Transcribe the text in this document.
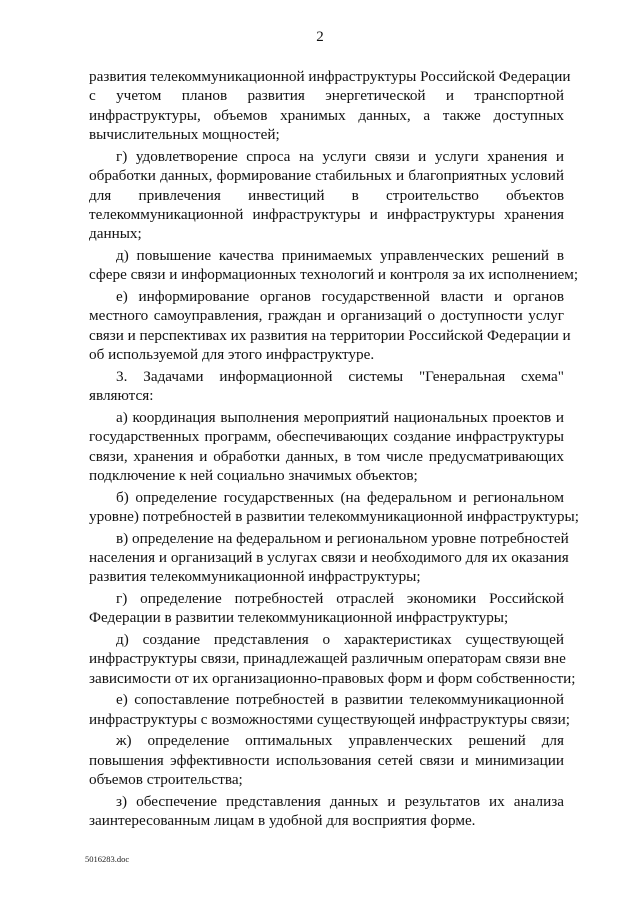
2
развития телекоммуникационной инфраструктуры Российской Федерации
с учетом планов развития энергетической и транспортной
инфраструктуры, объемов хранимых данных, а также доступных
вычислительных мощностей;
г) удовлетворение спроса на услуги связи и услуги хранения и
обработки данных, формирование стабильных и благоприятных условий
для привлечения инвестиций в строительство объектов
телекоммуникационной инфраструктуры и инфраструктуры хранения
данных;
д) повышение качества принимаемых управленческих решений в
сфере связи и информационных технологий и контроля за их исполнением;
е) информирование органов государственной власти и органов
местного самоуправления, граждан и организаций о доступности услуг
связи и перспективах их развития на территории Российской Федерации и
об используемой для этого инфраструктуре.
3. Задачами информационной системы "Генеральная схема"
являются:
а) координация выполнения мероприятий национальных проектов и
государственных программ, обеспечивающих создание инфраструктуры
связи, хранения и обработки данных, в том числе предусматривающих
подключение к ней социально значимых объектов;
б) определение государственных (на федеральном и региональном
уровне) потребностей в развитии телекоммуникационной инфраструктуры;
в) определение на федеральном и региональном уровне потребностей
населения и организаций в услугах связи и необходимого для их оказания
развития телекоммуникационной инфраструктуры;
г) определение потребностей отраслей экономики Российской
Федерации в развитии телекоммуникационной инфраструктуры;
д) создание представления о характеристиках существующей
инфраструктуры связи, принадлежащей различным операторам связи вне
зависимости от их организационно-правовых форм и форм собственности;
е) сопоставление потребностей в развитии телекоммуникационной
инфраструктуры с возможностями существующей инфраструктуры связи;
ж) определение оптимальных управленческих решений для
повышения эффективности использования сетей связи и минимизации
объемов строительства;
з) обеспечение представления данных и результатов их анализа
заинтересованным лицам в удобной для восприятия форме.
5016283.doc
